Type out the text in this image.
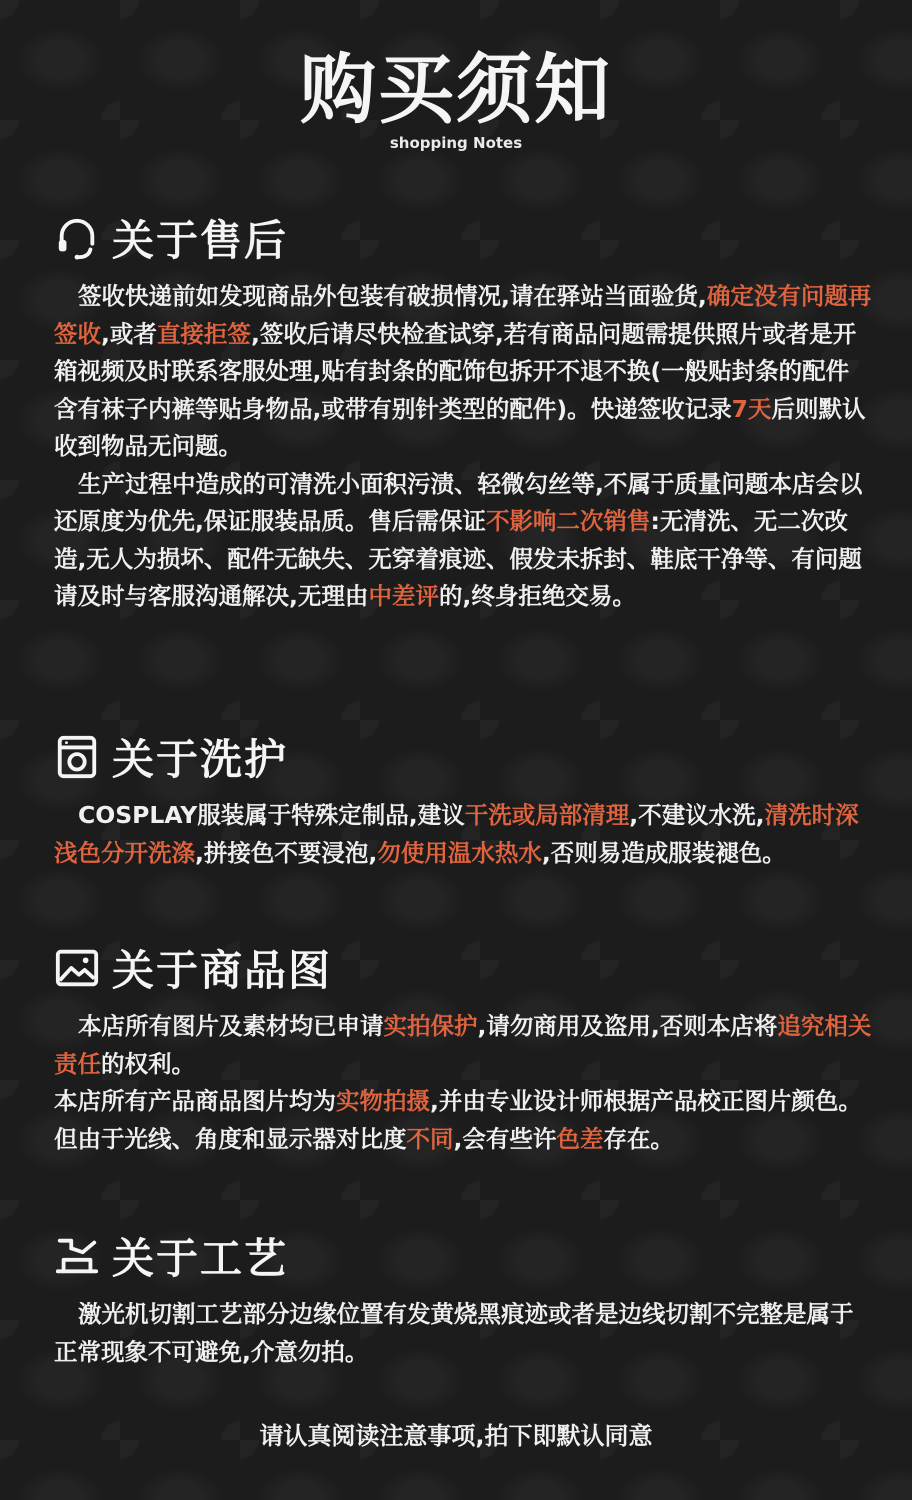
购买须知
shopping Notes
关于售后

签收快递前如发现商品外包装有破损情况,请在驿站当面验货,确定没有问题再签收,或者直接拒签,签收后请尽快检查试穿,若有商品问题需提供照片或者是开箱视频及时联系客服处理,贴有封条的配饰包拆开不退不换(一般贴封条的配件含有袜子内裤等贴身物品,或带有别针类型的配件)。快递签收记录7天后则默认收到物品无问题。

生产过程中造成的可清洗小面积污渍、轻微勾丝等,不属于质量问题本店会以还原度为优先,保证服装品质。售后需保证不影响二次销售:无清洗、无二次改造,无人为损坏、配件无缺失、无穿着痕迹、假发未拆封、鞋底干净等、有问题请及时与客服沟通解决,无理由中差评的,终身拒绝交易。

关于洗护

COSPLAY服装属于特殊定制品,建议干洗或局部清理,不建议水洗,清洗时深浅色分开洗涤,拼接色不要浸泡,勿使用温水热水,否则易造成服装褪色。

关于商品图

本店所有图片及素材均已申请实拍保护,请勿商用及盗用,否则本店将追究相关责任的权利。

本店所有产品商品图片均为实物拍摄,并由专业设计师根据产品校正图片颜色。但由于光线、角度和显示器对比度不同,会有些许色差存在。

关于工艺

激光机切割工艺部分边缘位置有发黄烧黑痕迹或者是边线切割不完整是属于正常现象不可避免,介意勿拍。

请认真阅读注意事项,拍下即默认同意
